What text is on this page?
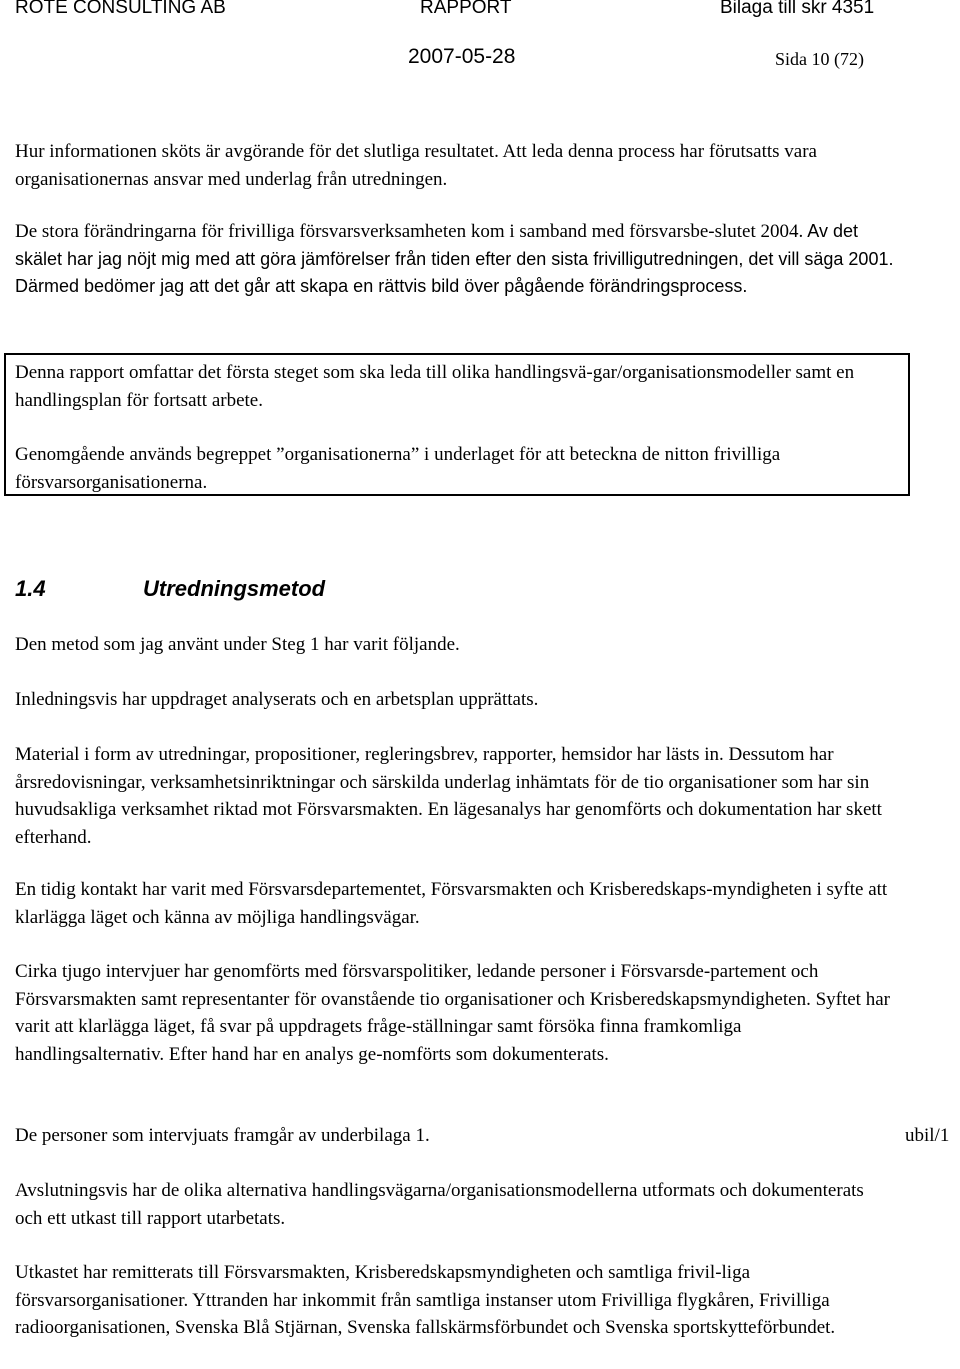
ROTE CONSULTING AB	RAPPORT	Bilaga till skr 4351
2007-05-28	Sida 10 (72)

Hur informationen sköts är avgörande för det slutliga resultatet. Att leda denna process har förutsatts vara organisationernas ansvar med underlag från utredningen.

De stora förändringarna för frivilliga försvarsverksamheten kom i samband med försvarsbe-slutet 2004. Av det skälet har jag nöjt mig med att göra jämförelser från tiden efter den sista frivilligutredningen, det vill säga 2001. Därmed bedömer jag att det går att skapa en rättvis bild över pågående förändringsprocess.

Denna rapport omfattar det första steget som ska leda till olika handlingsvä-gar/organisationsmodeller samt en handlingsplan för fortsatt arbete.

Genomgående används begreppet ”organisationerna” i underlaget för att beteckna de nitton frivilliga försvarsorganisationerna.

1.4	Utredningsmetod

Den metod som jag använt under Steg 1 har varit följande.

Inledningsvis har uppdraget analyserats och en arbetsplan upprättats.

Material i form av utredningar, propositioner, regleringsbrev, rapporter, hemsidor har lästs in. Dessutom har årsredovisningar, verksamhetsinriktningar och särskilda underlag inhämtats för de tio organisationer som har sin huvudsakliga verksamhet riktad mot Försvarsmakten. En lägesanalys har genomförts och dokumentation har skett efterhand.

En tidig kontakt har varit med Försvarsdepartementet, Försvarsmakten och Krisberedskaps-myndigheten i syfte att klarlägga läget och känna av möjliga handlingsvägar.

Cirka tjugo intervjuer har genomförts med försvarspolitiker, ledande personer i Försvarsde-partement och Försvarsmakten samt representanter för ovanstående tio organisationer och Krisberedskapsmyndigheten. Syftet har varit att klarlägga läget, få svar på uppdragets fråge-ställningar samt försöka finna framkomliga handlingsalternativ. Efter hand har en analys ge-nomförts som dokumenterats.

De personer som intervjuats framgår av underbilaga 1.	ubil/1

Avslutningsvis har de olika alternativa handlingsvägarna/organisationsmodellerna utformats och dokumenterats och ett utkast till rapport utarbetats.

Utkastet har remitterats till Försvarsmakten, Krisberedskapsmyndigheten och samtliga frivil-liga försvarsorganisationer. Yttranden har inkommit från samtliga instanser utom Frivilliga flygkåren, Frivilliga radioorganisationen, Svenska Blå Stjärnan, Svenska fallskärmsförbundet och Svenska sportskytteförbundet.
